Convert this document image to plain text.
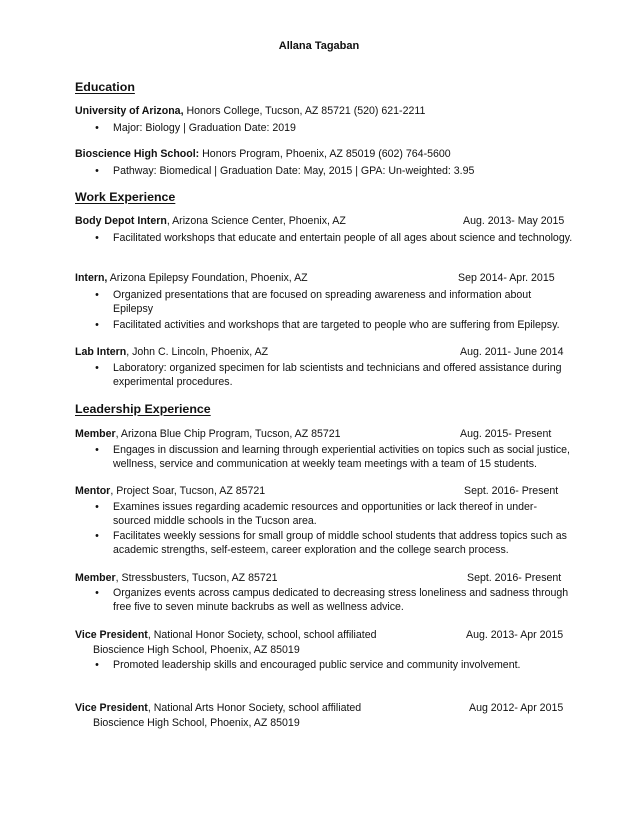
Allana Tagaban
Education
University of Arizona, Honors College, Tucson, AZ 85721 (520) 621-2211
• Major: Biology | Graduation Date: 2019
Bioscience High School: Honors Program, Phoenix, AZ 85019 (602) 764-5600
• Pathway: Biomedical | Graduation Date: May, 2015 | GPA: Un-weighted: 3.95
Work Experience
Body Depot Intern, Arizona Science Center, Phoenix, AZ	Aug. 2013- May 2015
• Facilitated workshops that educate and entertain people of all ages about science and technology.
Intern, Arizona Epilepsy Foundation, Phoenix, AZ	Sep 2014- Apr. 2015
• Organized presentations that are focused on spreading awareness and information about Epilepsy
• Facilitated activities and workshops that are targeted to people who are suffering from Epilepsy.
Lab Intern, John C. Lincoln, Phoenix, AZ	Aug. 2011- June 2014
• Laboratory: organized specimen for lab scientists and technicians and offered assistance during experimental procedures.
Leadership Experience
Member, Arizona Blue Chip Program, Tucson, AZ 85721	Aug. 2015- Present
• Engages in discussion and learning through experiential activities on topics such as social justice, wellness, service and communication at weekly team meetings with a team of 15 students.
Mentor, Project Soar, Tucson, AZ 85721	Sept. 2016- Present
• Examines issues regarding academic resources and opportunities or lack thereof in under-sourced middle schools in the Tucson area.
• Facilitates weekly sessions for small group of middle school students that address topics such as academic strengths, self-esteem, career exploration and the college search process.
Member, Stressbusters, Tucson, AZ 85721	Sept. 2016- Present
• Organizes events across campus dedicated to decreasing stress loneliness and sadness through free five to seven minute backrubs as well as wellness advice.
Vice President, National Honor Society, school, school affiliated	Aug. 2013- Apr 2015
Bioscience High School, Phoenix, AZ 85019
• Promoted leadership skills and encouraged public service and community involvement.
Vice President, National Arts Honor Society, school affiliated	Aug 2012- Apr 2015
Bioscience High School, Phoenix, AZ 85019
